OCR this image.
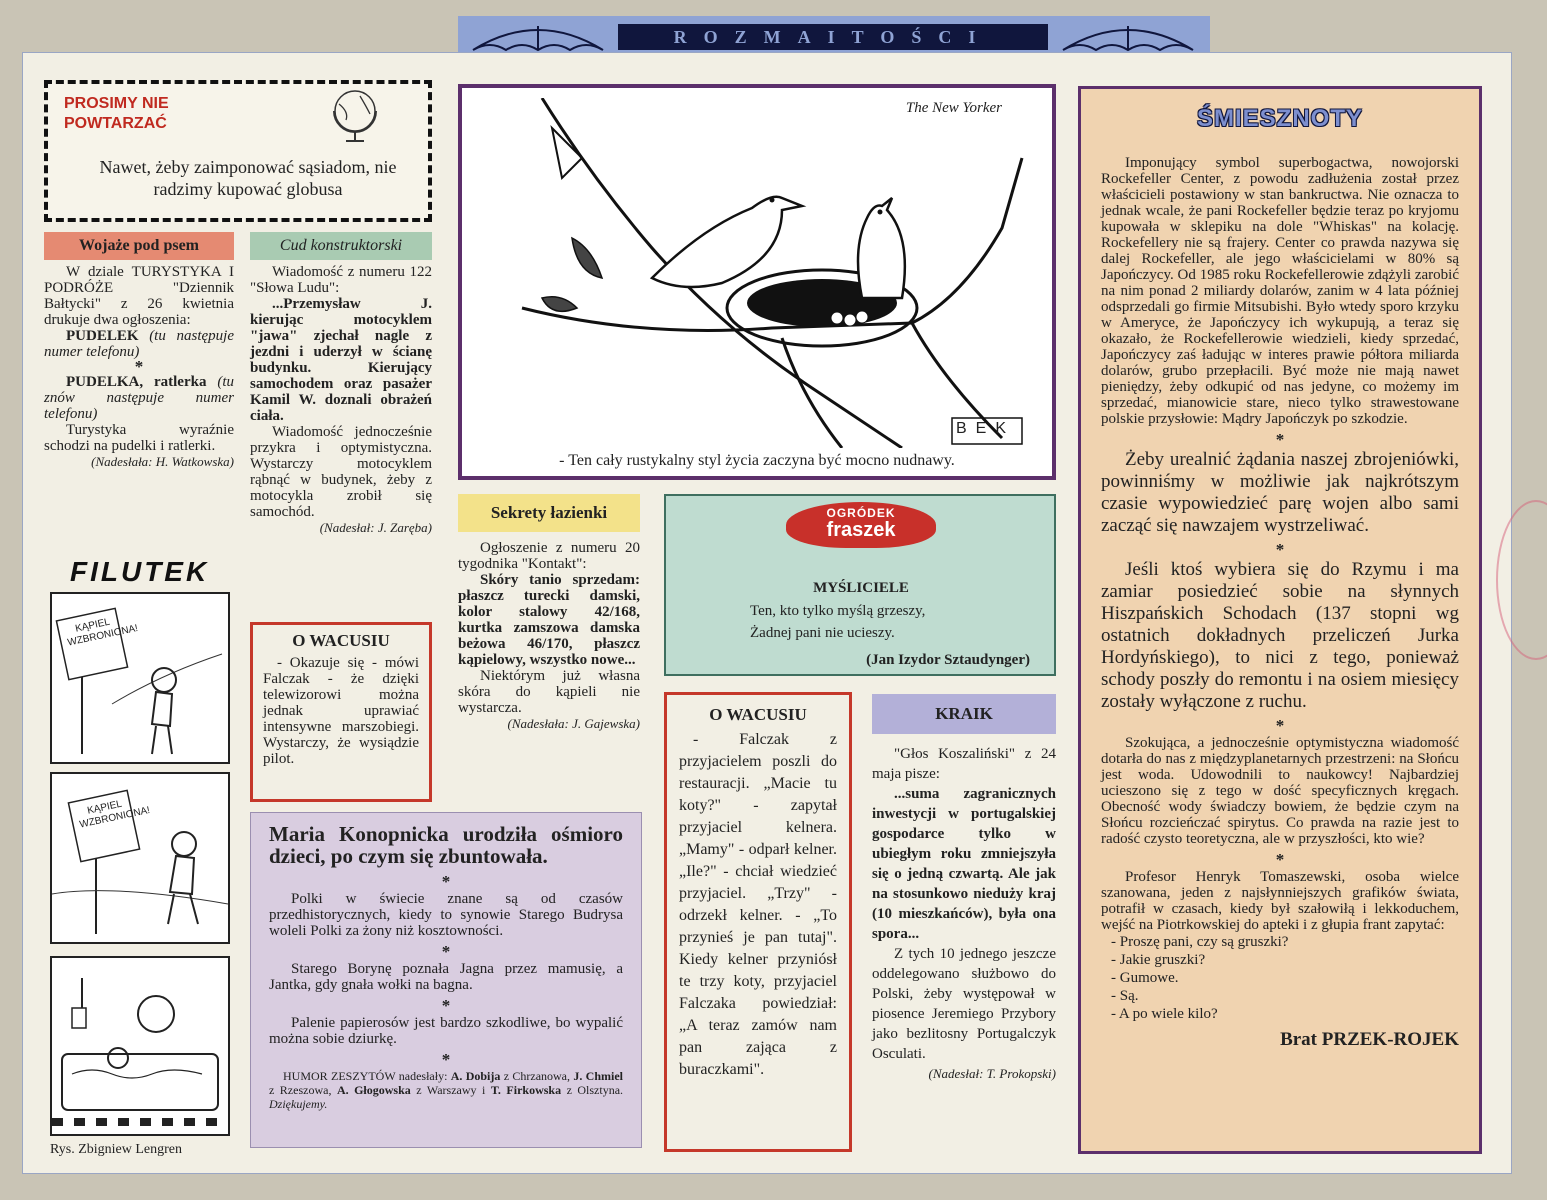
ROZMAITOŚCI
PROSIMY NIE
POWTARZAĆ
Nawet, żeby zaimponować sąsiadom, nie radzimy kupować globusa
Wojaże pod psem

W dziale TURYSTYKA I PODRÓŻE "Dziennik Bałtycki" z 26 kwietnia drukuje dwa ogłoszenia:

PUDELEK (tu następuje numer telefonu)

*

PUDELKA, ratlerka (tu znów następuje numer telefonu)

Turystyka wyraźnie schodzi na pudelki i ratlerki.

(Nadesłała: H. Watkowska)

FILUTEK
KĄPIEL WZBRONIONA!
KĄPIEL WZBRONIONA!
Rys. Zbigniew Lengren
Cud konstruktorski

Wiadomość z numeru 122 "Słowa Ludu":

...Przemysław J. kierując motocyklem "jawa" zjechał nagle z jezdni i uderzył w ścianę budynku. Kierujący samochodem oraz pasażer Kamil W. doznali obrażeń ciała.

Wiadomość jednocześnie przykra i optymistyczna. Wystarczy motocyklem rąbnąć w budynek, żeby z motocykla zrobił się samochód.

(Nadesłał: J. Zaręba)

O WACUSIU

- Okazuje się - mówi Falczak - że dzięki telewizorowi można jednak uprawiać intensywne marszobiegi. Wystarczy, że wysiądzie pilot.

Maria Konopnicka urodziła ośmioro dzieci, po czym się zbuntowała.
*

Polki w świecie znane są od czasów przedhistorycznych, kiedy to synowie Starego Budrysa woleli Polki za żony niż kosztowności.

*

Starego Borynę poznała Jagna przez mamusię, a Jantka, gdy gnała wołki na bagna.

*

Palenie papierosów jest bardzo szkodliwe, bo wypalić można sobie dziurkę.

*

HUMOR ZESZYTÓW nadesłały: A. Dobija z Chrzanowa, J. Chmiel z Rzeszowa, A. Głogowska z Warszawy i T. Firkowska z Olsztyna. Dziękujemy.

The New Yorker
BEK
- Ten cały rustykalny styl życia zaczyna być mocno nudnawy.
Sekrety łazienki

Ogłoszenie z numeru 20 tygodnika "Kontakt":

Skóry tanio sprzedam: płaszcz turecki damski, kolor stalowy 42/168, kurtka zamszowa damska beżowa 46/170, płaszcz kąpielowy, wszystko nowe...

Niektórym już własna skóra do kąpieli nie wystarcza.

(Nadesłała: J. Gajewska)	O WACUSIU

- Falczak z przyjacielem poszli do restauracji. „Macie tu koty?" - zapytał przyjaciel kelnera. „Mamy" - odparł kelner. „Ile?" - chciał wiedzieć przyjaciel. „Trzy" - odrzekł kelner. - „To przynieś je pan tutaj". Kiedy kelner przyniósł te trzy koty, przyjaciel Falczaka powiedział: „A teraz zamów nam pan zająca z buraczkami".

OGRÓDEK
fraszek
MYŚLICIELE
Ten, kto tylko myślą grzeszy,
Żadnej pani nie ucieszy.
(Jan Izydor Sztaudynger)
KRAIK

"Głos Koszaliński" z 24 maja pisze:

...suma zagranicznych inwestycji w portugalskiej gospodarce tylko w ubiegłym roku zmniejszyła się o jedną czwartą. Ale jak na stosunkowo nieduży kraj (10 mieszkańców), była ona spora...

Z tych 10 jednego jeszcze oddelegowano służbowo do Polski, żeby występował w piosence Jeremiego Przybory jako bezlitosny Portugalczyk Osculati.

(Nadesłał: T. Prokopski)

ŚMIESZNOTY

Imponujący symbol superbogactwa, nowojorski Rockefeller Center, z powodu zadłużenia został przez właścicieli postawiony w stan bankructwa. Nie oznacza to jednak wcale, że pani Rockefeller będzie teraz po kryjomu kupowała w sklepiku na dole "Whiskas" na kolację. Rockefellery nie są frajery. Center co prawda nazywa się dalej Rockefeller, ale jego właścicielami w 80% są Japończycy. Od 1985 roku Rockefellerowie zdążyli zarobić na nim ponad 2 miliardy dolarów, zanim w 4 lata później odsprzedali go firmie Mitsubishi. Było wtedy sporo krzyku w Ameryce, że Japończycy ich wykupują, a teraz się okazało, że Rockefellerowie wiedzieli, kiedy sprzedać, Japończycy zaś ładując w interes prawie półtora miliarda dolarów, grubo przepłacili. Być może nie mają nawet pieniędzy, żeby odkupić od nas jedyne, co możemy im sprzedać, mianowicie stare, nieco tylko strawestowane polskie przysłowie: Mądry Japończyk po szkodzie.

*

Żeby urealnić żądania naszej zbrojeniówki, powinniśmy w możliwie jak najkrótszym czasie wypowiedzieć parę wojen albo sami zacząć się nawzajem wystrzeliwać.

*

Jeśli ktoś wybiera się do Rzymu i ma zamiar posiedzieć sobie na słynnych Hiszpańskich Schodach (137 stopni wg ostatnich dokładnych przeliczeń Jurka Hordyńskiego), to nici z tego, ponieważ schody poszły do remontu i na osiem miesięcy zostały wyłączone z ruchu.

*

Szokująca, a jednocześnie optymistyczna wiadomość dotarła do nas z międzyplanetarnych przestrzeni: na Słońcu jest woda. Udowodnili to naukowcy! Najbardziej ucieszono się z tego w dość specyficznych kręgach. Obecność wody świadczy bowiem, że będzie czym na Słońcu rozcieńczać spirytus. Co prawda na razie jest to radość czysto teoretyczna, ale w przyszłości, kto wie?

*

Profesor Henryk Tomaszewski, osoba wielce szanowana, jeden z najsłynniejszych grafików świata, potrafił w czasach, kiedy był szałowiłą i lekkoduchem, wejść na Piotrkowskiej do apteki i z głupia frant zapytać:

- Proszę pani, czy są gruszki?
- Jakie gruszki?
- Gumowe.
- Są.
- A po wiele kilo?
Brat PRZEK-ROJEK
